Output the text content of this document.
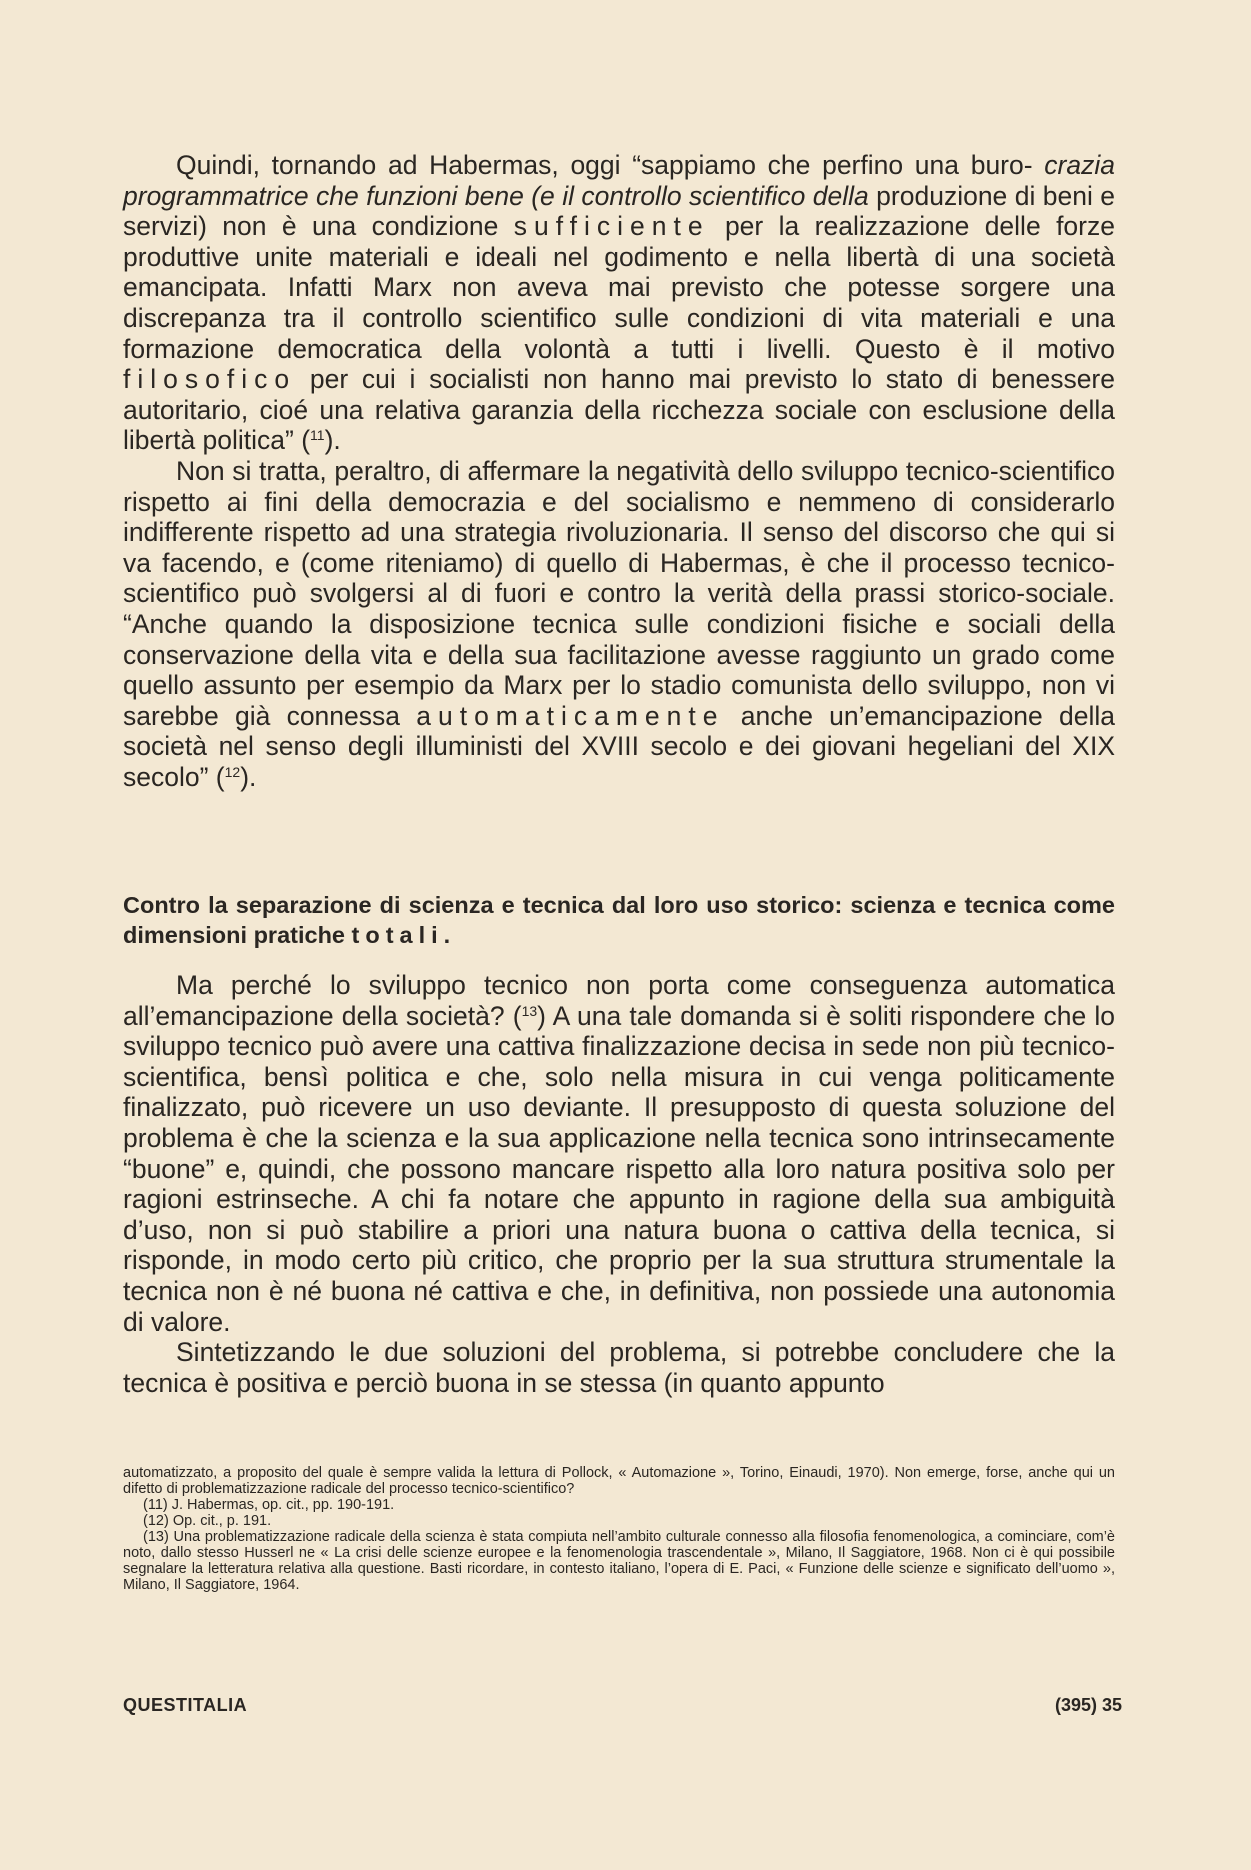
Quindi, tornando ad Habermas, oggi “sappiamo che perfino una buro- crazia programmatrice che funzioni bene (e il controllo scientifico della produzione di beni e servizi) non è una condizione sufficiente per la realizzazione delle forze produttive unite materiali e ideali nel godimento e nella libertà di una società emancipata. Infatti Marx non aveva mai previsto che potesse sorgere una discrepanza tra il controllo scientifico sulle condizioni di vita materiali e una formazione democratica della volontà a tutti i livelli. Questo è il motivo filosofico per cui i socialisti non hanno mai previsto lo stato di benessere autoritario, cioé una relativa garanzia della ricchezza sociale con esclusione della libertà politica” ($^{11}$).

Non si tratta, peraltro, di affermare la negatività dello sviluppo tecnico-scientifico rispetto ai fini della democrazia e del socialismo e nemmeno di considerarlo indifferente rispetto ad una strategia rivoluzionaria. Il senso del discorso che qui si va facendo, e (come riteniamo) di quello di Habermas, è che il processo tecnico-scientifico può svolgersi al di fuori e contro la verità della prassi storico-sociale. “Anche quando la disposizione tecnica sulle condizioni fisiche e sociali della conservazione della vita e della sua facilitazione avesse raggiunto un grado come quello assunto per esempio da Marx per lo stadio comunista dello sviluppo, non vi sarebbe già connessa automaticamente anche un’emancipazione della società nel senso degli illuministi del XVIII secolo e dei giovani hegeliani del XIX secolo” ($^{12}$).

Contro la separazione di scienza e tecnica dal loro uso storico: scienza e tecnica come dimensioni pratiche totali.

Ma perché lo sviluppo tecnico non porta come conseguenza automatica all’emancipazione della società? ($^{13}$) A una tale domanda si è soliti rispondere che lo sviluppo tecnico può avere una cattiva finalizzazione decisa in sede non più tecnico-scientifica, bensì politica e che, solo nella misura in cui venga politicamente finalizzato, può ricevere un uso deviante. Il presupposto di questa soluzione del problema è che la scienza e la sua applicazione nella tecnica sono intrinsecamente “buone” e, quindi, che possono mancare rispetto alla loro natura positiva solo per ragioni estrinseche. A chi fa notare che appunto in ragione della sua ambiguità d’uso, non si può stabilire a priori una natura buona o cattiva della tecnica, si risponde, in modo certo più critico, che proprio per la sua struttura strumentale la tecnica non è né buona né cattiva e che, in definitiva, non possiede una autonomia di valore.

Sintetizzando le due soluzioni del problema, si potrebbe concludere che la tecnica è positiva e perciò buona in se stessa (in quanto appunto

automatizzato, a proposito del quale è sempre valida la lettura di Pollock, « Automazione », Torino, Einaudi, 1970). Non emerge, forse, anche qui un difetto di problematizzazione radicale del processo tecnico-scientifico?

(11) J. Habermas, op. cit., pp. 190-191.

(12) Op. cit., p. 191.

(13) Una problematizzazione radicale della scienza è stata compiuta nell’ambito culturale connesso alla filosofia fenomenologica, a cominciare, com’è noto, dallo stesso Husserl ne « La crisi delle scienze europee e la fenomenologia trascendentale », Milano, Il Saggiatore, 1968. Non ci è qui possibile segnalare la letteratura relativa alla questione. Basti ricordare, in contesto italiano, l’opera di E. Paci, « Funzione delle scienze e significato dell’uomo », Milano, Il Saggiatore, 1964.

QUESTITALIA	(395) 35
